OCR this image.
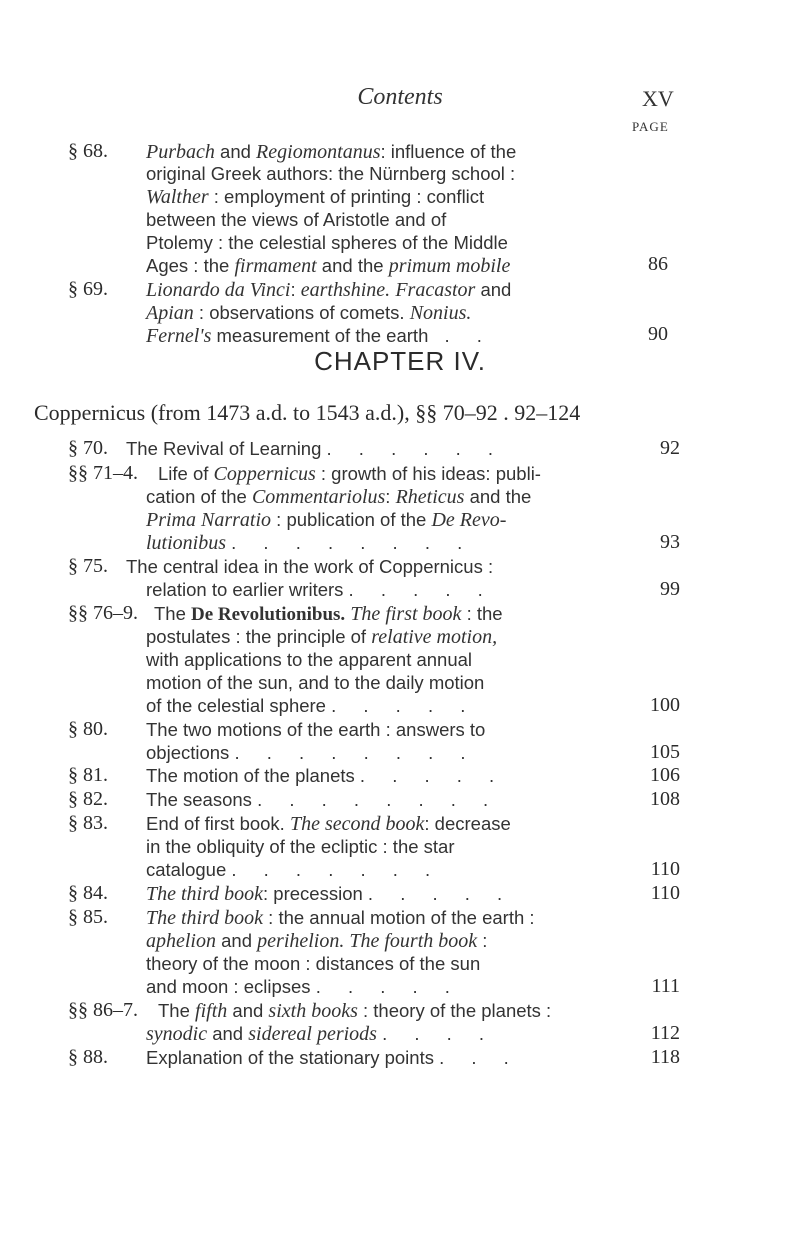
Contents	XV
PAGE
§ 68. Purbach and Regiomontanus: influence of the
original Greek authors: the Nürnberg school :
Walther : employment of printing : conflict
between the views of Aristotle and of
Ptolemy : the celestial spheres of the Middle
Ages : the firmament and the primum mobile	86
§ 69. Lionardo da Vinci: earthshine. Fracastor and
Apian : observations of comets. Nonius.
Fernel's measurement of the earth . .	90
CHAPTER IV.
Coppernicus (from 1473 a.d. to 1543 a.d.), §§ 70–92 . 92–124
§ 70. The Revival of Learning . . . . . .	92
§§ 71–4. Life of Coppernicus : growth of his ideas: publi-
cation of the Commentariolus: Rheticus and the
Prima Narratio : publication of the De Revo-
lutionibus . . . . . . . .	93
§ 75. The central idea in the work of Coppernicus :
relation to earlier writers . . . . .	99
§§ 76–9. The De Revolutionibus. The first book : the
postulates : the principle of relative motion,
with applications to the apparent annual
motion of the sun, and to the daily motion
of the celestial sphere . . . . .	100
§ 80. The two motions of the earth : answers to
objections . . . . . . . .	105
§ 81. The motion of the planets . . . . .	106
§ 82. The seasons . . . . . . . .	108
§ 83. End of first book. The second book: decrease
in the obliquity of the ecliptic : the star
catalogue . . . . . . .	110
§ 84. The third book: precession . . . . .	110
§ 85. The third book : the annual motion of the earth :
aphelion and perihelion. The fourth book :
theory of the moon : distances of the sun
and moon : eclipses . . . . .	111
§§ 86–7. The fifth and sixth books : theory of the planets :
synodic and sidereal periods . . . .	112
§ 88. Explanation of the stationary points . . .	118
